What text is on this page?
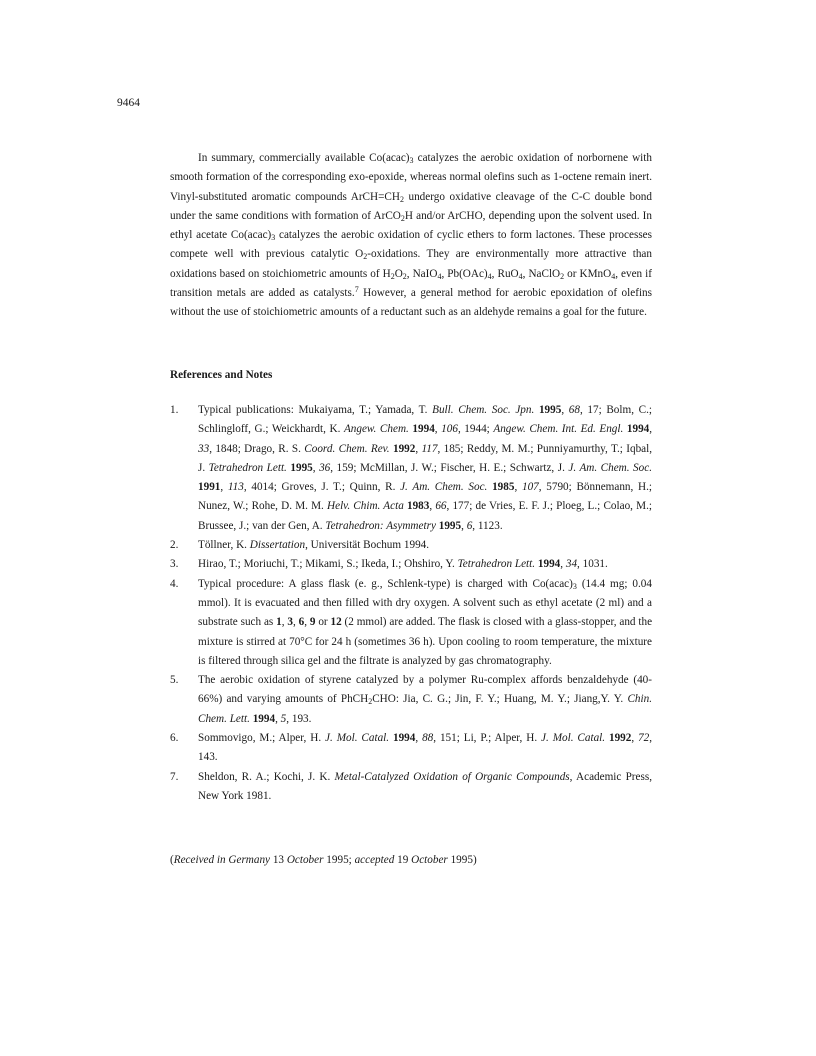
9464

In summary, commercially available $Co(acac)_3$ catalyzes the aerobic oxidation of norbornene with smooth formation of the corresponding exo-epoxide, whereas normal olefins such as 1-octene remain inert. Vinyl-substituted aromatic compounds $ArCH=CH_2$ undergo oxidative cleavage of the C-C double bond under the same conditions with formation of ArCO$_2$H and/or ArCHO, depending upon the solvent used. In ethyl acetate $Co(acac)_3$ catalyzes the aerobic oxidation of cyclic ethers to form lactones. These processes compete well with previous catalytic $O_2$-oxidations. They are environmentally more attractive than oxidations based on stoichiometric amounts of $H_2O_2$, NaIO$_4$, $Pb(OAc)_4$, RuO$_4$, NaClO$_2$ or KMnO$_4$, even if transition metals are added as catalysts.$^7$ However, a general method for aerobic epoxidation of olefins without the use of stoichiometric amounts of a reductant such as an aldehyde remains a goal for the future.

References and Notes
1. Typical publications: Mukaiyama, T.; Yamada, T. Bull. Chem. Soc. Jpn. 1995, 68, 17; Bolm, C.; Schlingloff, G.; Weickhardt, K. Angew. Chem. 1994, 106, 1944; Angew. Chem. Int. Ed. Engl. 1994, 33, 1848; Drago, R. S. Coord. Chem. Rev. 1992, 117, 185; Reddy, M. M.; Punniyamurthy, T.; Iqbal, J. Tetrahedron Lett. 1995, 36, 159; McMillan, J. W.; Fischer, H. E.; Schwartz, J. J. Am. Chem. Soc. 1991, 113, 4014; Groves, J. T.; Quinn, R. J. Am. Chem. Soc. 1985, 107, 5790; Bönnemann, H.; Nunez, W.; Rohe, D. M. M. Helv. Chim. Acta 1983, 66, 177; de Vries, E. F. J.; Ploeg, L.; Colao, M.; Brussee, J.; van der Gen, A. Tetrahedron: Asymmetry 1995, 6, 1123.
2. Töllner, K. Dissertation, Universität Bochum 1994.
3. Hirao, T.; Moriuchi, T.; Mikami, S.; Ikeda, I.; Ohshiro, Y. Tetrahedron Lett. 1994, 34, 1031.
4. Typical procedure: A glass flask (e. g., Schlenk-type) is charged with $Co(acac)_3$ (14.4 mg; 0.04 mmol). It is evacuated and then filled with dry oxygen. A solvent such as ethyl acetate (2 ml) and a substrate such as 1, 3, 6, 9 or 12 (2 mmol) are added. The flask is closed with a glass-stopper, and the mixture is stirred at 70°C for 24 h (sometimes 36 h). Upon cooling to room temperature, the mixture is filtered through silica gel and the filtrate is analyzed by gas chromatography.
5. The aerobic oxidation of styrene catalyzed by a polymer Ru-complex affords benzaldehyde (40-66%) and varying amounts of PhCH$_2$CHO: Jia, C. G.; Jin, F. Y.; Huang, M. Y.; Jiang,Y. Y. Chin. Chem. Lett. 1994, 5, 193.
6. Sommovigo, M.; Alper, H. J. Mol. Catal. 1994, 88, 151; Li, P.; Alper, H. J. Mol. Catal. 1992, 72, 143.
7. Sheldon, R. A.; Kochi, J. K. Metal-Catalyzed Oxidation of Organic Compounds, Academic Press, New York 1981.

(Received in Germany 13 October 1995; accepted 19 October 1995)
